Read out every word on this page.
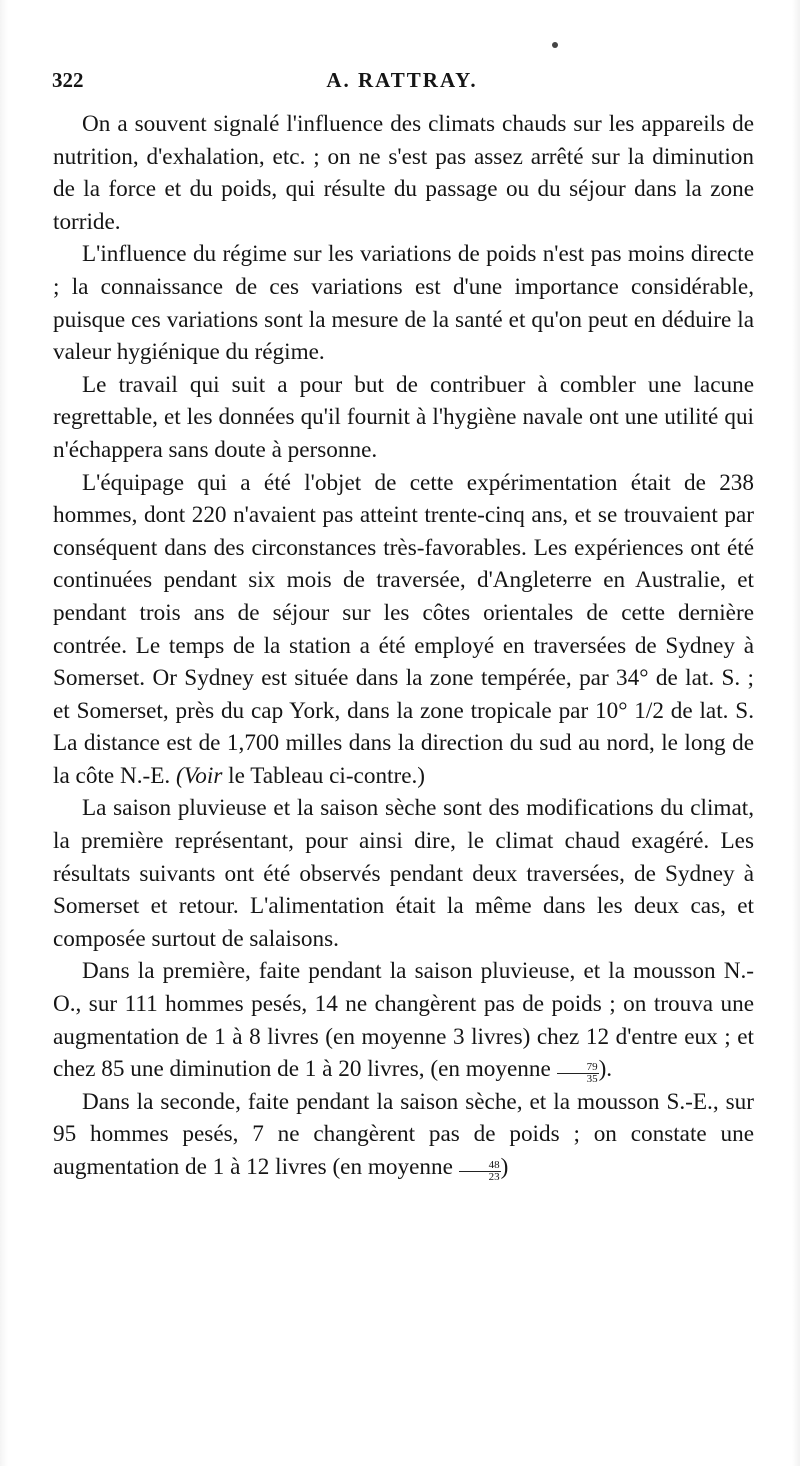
322	A. RATTRAY.

On a souvent signalé l'influence des climats chauds sur les appareils de nutrition, d'exhalation, etc. ; on ne s'est pas assez arrêté sur la diminution de la force et du poids, qui résulte du passage ou du séjour dans la zone torride.

L'influence du régime sur les variations de poids n'est pas moins directe ; la connaissance de ces variations est d'une importance considérable, puisque ces variations sont la mesure de la santé et qu'on peut en déduire la valeur hygiénique du régime.

Le travail qui suit a pour but de contribuer à combler une lacune regrettable, et les données qu'il fournit à l'hygiène navale ont une utilité qui n'échappera sans doute à personne.

L'équipage qui a été l'objet de cette expérimentation était de 238 hommes, dont 220 n'avaient pas atteint trente-cinq ans, et se trouvaient par conséquent dans des circonstances très-favorables. Les expériences ont été continuées pendant six mois de traversée, d'Angleterre en Australie, et pendant trois ans de séjour sur les côtes orientales de cette dernière contrée. Le temps de la station a été employé en traversées de Sydney à Somerset. Or Sydney est située dans la zone tempérée, par 34° de lat. S. ; et Somerset, près du cap York, dans la zone tropicale par 10° 1/2 de lat. S. La distance est de 1,700 milles dans la direction du sud au nord, le long de la côte N.-E. (Voir le Tableau ci-contre.)

La saison pluvieuse et la saison sèche sont des modifications du climat, la première représentant, pour ainsi dire, le climat chaud exagéré. Les résultats suivants ont été observés pendant deux traversées, de Sydney à Somerset et retour. L'alimentation était la même dans les deux cas, et composée surtout de salaisons.

Dans la première, faite pendant la saison pluvieuse, et la mousson N.-O., sur 111 hommes pesés, 14 ne changèrent pas de poids ; on trouva une augmentation de 1 à 8 livres (en moyenne 3 livres) chez 12 d'entre eux ; et chez 85 une diminution de 1 à 20 livres, (en moyenne $\frac{79}{35}$ ).

Dans la seconde, faite pendant la saison sèche, et la mousson S.-E., sur 95 hommes pesés, 7 ne changèrent pas de poids ; on constate une augmentation de 1 à 12 livres (en moyenne $\frac{48}{23}$ )
